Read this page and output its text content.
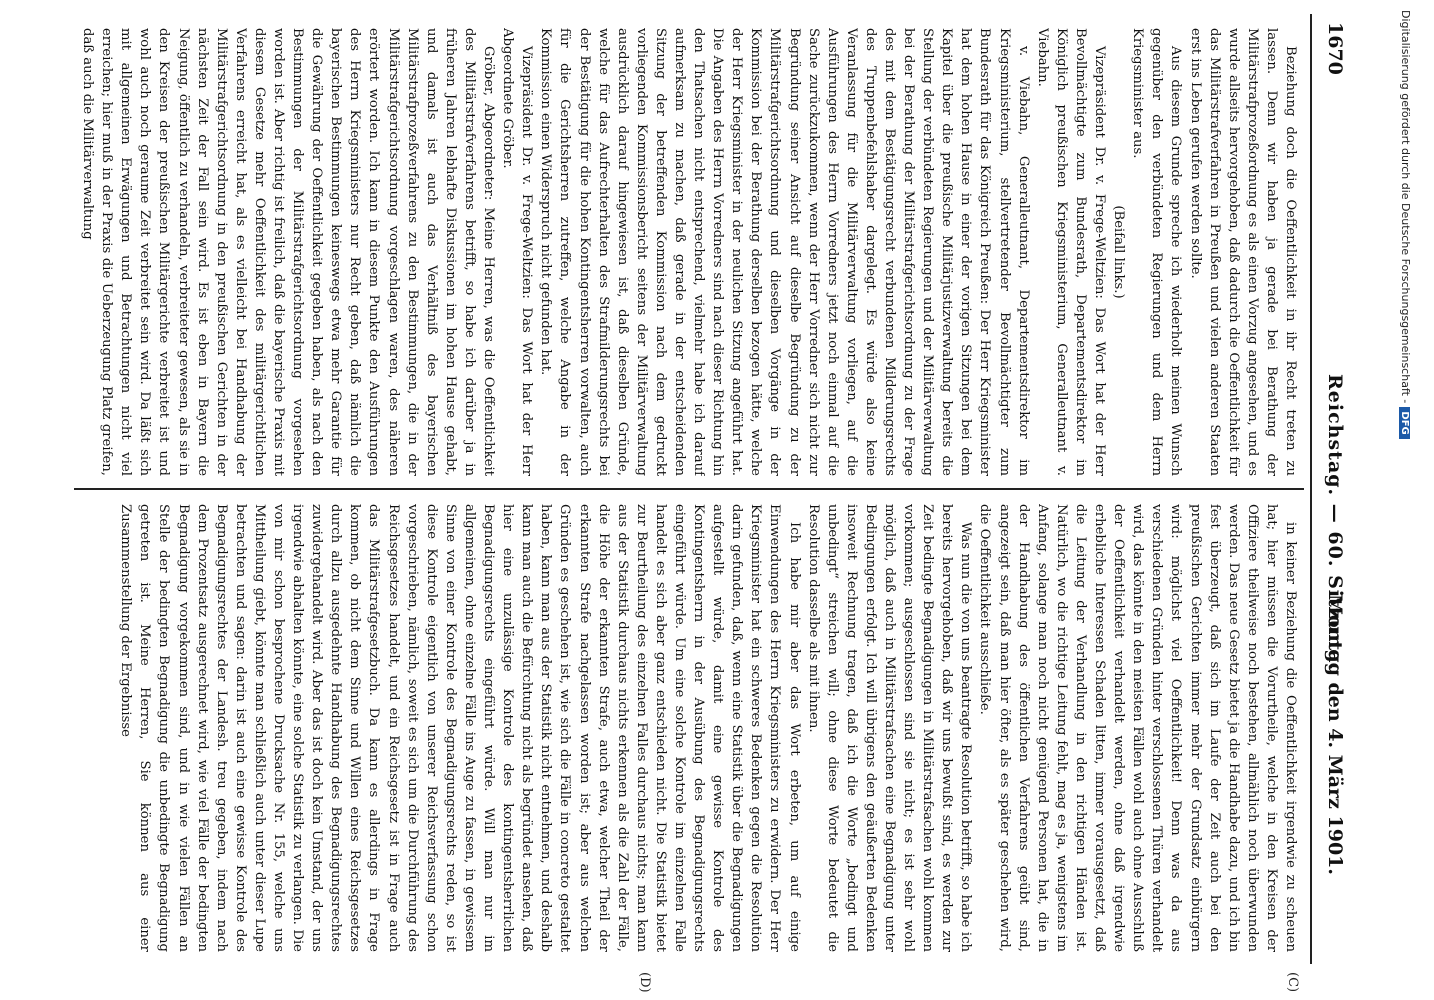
1670
Reichstag. — 60. Sitzung.
Montag den 4. März 1901.
(C)
(D)

Beziehung doch die Oeffentlichkeit in ihr Recht treten zu lassen. Denn wir haben ja gerade bei Berathung der Militärstrafprozeßordnung es als einen Vorzug angesehen, und es wurde allseits hervorgehoben, daß dadurch die Oeffentlichkeit für das Militärstrafverfahren in Preußen und vielen anderen Staaten erst ins Leben gerufen werden sollte.

Aus diesem Grunde spreche ich wiederholt meinen Wunsch gegenüber den verbündeten Regierungen und dem Herrn Kriegsminister aus.

(Beifall links.)

Vizepräsident Dr. v. Frege-Weltzien: Das Wort hat der Herr Bevollmächtigte zum Bundesrath, Departementsdirektor im Königlich preußischen Kriegsministerium, Generalleutnant v. Viebahn.

v. Viebahn, Generalleutnant, Departementsdirektor im Kriegsministerium, stellvertretender Bevollmächtigter zum Bundesrath für das Königreich Preußen: Der Herr Kriegsminister hat dem hohen Hause in einer der vorigen Sitzungen bei dem Kapitel über die preußische Militärjustizverwaltung bereits die Stellung der verbündeten Regierungen und der Militärverwaltung bei der Berathung der Militärstrafgerichtsordnung zu der Frage des mit dem Bestätigungsrecht verbundenen Milderungsrechts des Truppenbefehlshaber dargelegt. Es würde also keine Veranlassung für die Militärverwaltung vorliegen, auf die Ausführungen des Herrn Vorredners jetzt noch einmal auf die Sache zurückzukommen, wenn der Herr Vorredner sich nicht zur Begründung seiner Ansicht auf dieselbe Begründung zu der Militärstrafgerichtsordnung und dieselben Vorgänge in der Kommission bei der Berathung derselben bezogen hätte, welche der Herr Kriegsminister in der neulichen Sitzung angeführt hat. Die Angaben des Herrn Vorredners sind nach dieser Richtung hin den Thatsachen nicht entsprechend, vielmehr habe ich darauf aufmerksam zu machen, daß gerade in der entscheidenden Sitzung der betreffenden Kommission nach dem gedruckt vorliegenden Kommissionsbericht seitens der Militärverwaltung ausdrücklich darauf hingewiesen ist, daß dieselben Gründe, welche für das Aufrechterhalten des Strafmilderungsrechts bei der Bestätigung für die hohen Kontingentsherren vorwalten, auch für die Gerichtsherren zutreffen, welche Angabe in der Kommission einen Widerspruch nicht gefunden hat.

Vizepräsident Dr. v. Frege-Weltzien: Das Wort hat der Herr Abgeordnete Gröber.

Gröber, Abgeordneter: Meine Herren, was die Oeffentlichkeit des Militärstrafverfahrens betrifft, so habe ich darüber ja in früheren Jahren lebhafte Diskussionen im hohen Hause gehabt, und damals ist auch das Verhältniß des bayerischen Militärstrafprozeßverfahrens zu den Bestimmungen, die in der Militärstrafgerichtsordnung vorgeschlagen waren, des näheren erörtert worden. Ich kann in diesem Punkte den Ausführungen des Herrn Kriegsministers nur Recht geben, daß nämlich die bayerischen Bestimmungen keineswegs etwa mehr Garantie für die Gewährung der Oeffentlichkeit gegeben haben, als nach den Bestimmungen der Militärstrafgerichtsordnung vorgesehen worden ist. Aber richtig ist freilich, daß die bayerische Praxis mit diesem Gesetze mehr Oeffentlichkeit des militärgerichtlichen Verfahrens erreicht hat, als es vielleicht bei Handhabung der Militärstrafgerichtsordnung in den preußischen Gerichten in der nächsten Zeit der Fall sein wird. Es ist eben in Bayern die Neigung, öffentlich zu verhandeln, verbreiteter gewesen, als sie in den Kreisen der preußischen Militärgerichte verbreitet ist und wohl auch noch geraume Zeit verbreitet sein wird. Da läßt sich mit allgemeinen Erwägungen und Betrachtungen nicht viel erreichen; hier muß in der Praxis die Ueberzeugung Platz greifen, daß auch die Militärverwaltung

in keiner Beziehung die Oeffentlichkeit irgendwie zu scheuen hat; hier müssen die Vorurtheile, welche in den Kreisen der Offiziere theilweise noch bestehen, allmählich noch überwunden werden. Das neue Gesetz bietet ja die Handhabe dazu, und ich bin fest überzeugt, daß sich im Laufe der Zeit auch bei den preußischen Gerichten immer mehr der Grundsatz einbürgern wird: möglichst viel Oeffentlichkeit! Denn was da aus verschiedenen Gründen hinter verschlossenen Thüren verhandelt wird, das könnte in den meisten Fällen wohl auch ohne Ausschluß der Oeffentlichkeit verhandelt werden, ohne daß irgendwie erhebliche Interessen Schaden litten, immer vorausgesetzt, daß die Leitung der Verhandlung in den richtigen Händen ist. Natürlich, wo die richtige Leitung fehlt, mag es ja, wenigstens im Anfang, solange man noch nicht genügend Personen hat, die in der Handhabung des öffentlichen Verfahrens geübt sind, angezeigt sein, daß man hier öfter, als es später geschehen wird, die Oeffentlichkeit ausschließe.

Was nun die von uns beantragte Resolution betrifft, so habe ich bereits hervorgehoben, daß wir uns bewußt sind, es werden zur Zeit bedingte Begnadigungen in Militärstrafsachen wohl kommen vorkommen; ausgeschlossen sind sie nicht; es ist sehr wohl möglich, daß auch in Militärstrafsachen eine Begnadigung unter Bedingungen erfolgt. Ich will übrigens den geäußerten Bedenken insoweit Rechnung tragen, daß ich die Worte „bedingt und unbedingt“ streichen will; ohne diese Worte bedeutet die Resolution dasselbe als mit ihnen.

Ich habe mir aber das Wort erbeten, um auf einige Einwendungen des Herrn Kriegsministers zu erwidern. Der Herr Kriegsminister hat ein schweres Bedenken gegen die Resolution darin gefunden, daß, wenn eine Statistik über die Begnadigungen aufgestellt würde, damit eine gewisse Kontrole des Kontingentsherrn in der Ausübung des Begnadigungsrechts eingeführt würde. Um eine solche Kontrole im einzelnen Falle handelt es sich aber ganz entschieden nicht. Die Statistik bietet zur Beurtheilung des einzelnen Falles durchaus nichts; man kann aus der Statistik durchaus nichts erkennen als die Zahl der Fälle, die Höhe der erkannten Strafe, auch etwa, welcher Theil der erkannten Strafe nachgelassen worden ist; aber aus welchen Gründen es geschehen ist, wie sich die Fälle in concreto gestaltet haben, kann man aus der Statistik nicht entnehmen, und deshalb kann man auch die Befürchtung nicht als begründet ansehen, daß hier eine unzulässige Kontrole des kontingentsherrlichen Begnadigungsrechts eingeführt würde. Will man nur im allgemeinen, ohne einzelne Fälle ins Auge zu fassen, in gewissem Sinne von einer Kontrole des Begnadigungsrechts reden, so ist diese Kontrole eigentlich von unserer Reichsverfassung schon vorgeschrieben, nämlich, soweit es sich um die Durchführung des Reichsgesetzes handelt, und ein Reichsgesetz ist in Frage auch das Militärstrafgesetzbuch. Da kann es allerdings in Frage kommen, ob nicht dem Sinne und Willen eines Reichsgesetzes durch allzu ausgedehnte Handhabung des Begnadigungsrechtes zuwidergehandelt wird. Aber das ist doch kein Umstand, der uns irgendwie abhalten könnte, eine solche Statistik zu verlangen. Die von mir schon besprochene Drucksache Nr. 155, welche uns Mittheilung giebt, könnte man schließlich auch unter dieser Lupe betrachten und sagen: darin ist auch eine gewisse Kontrole des Begnadigungsrechtes der Landesh. treu gegeben, indem nach dem Prozentsatz ausgerechnet wird, wie viel Fälle der bedingten Begnadigung vorgekommen sind, und in wie vielen Fällen an Stelle der bedingten Begnadigung die unbedingte Begnadigung getreten ist. Meine Herren, Sie können aus einer Zusammenstellung der Ergebnisse

Digitalisierung gefördert durch die Deutsche Forschungsgemeinschaft -DFG
